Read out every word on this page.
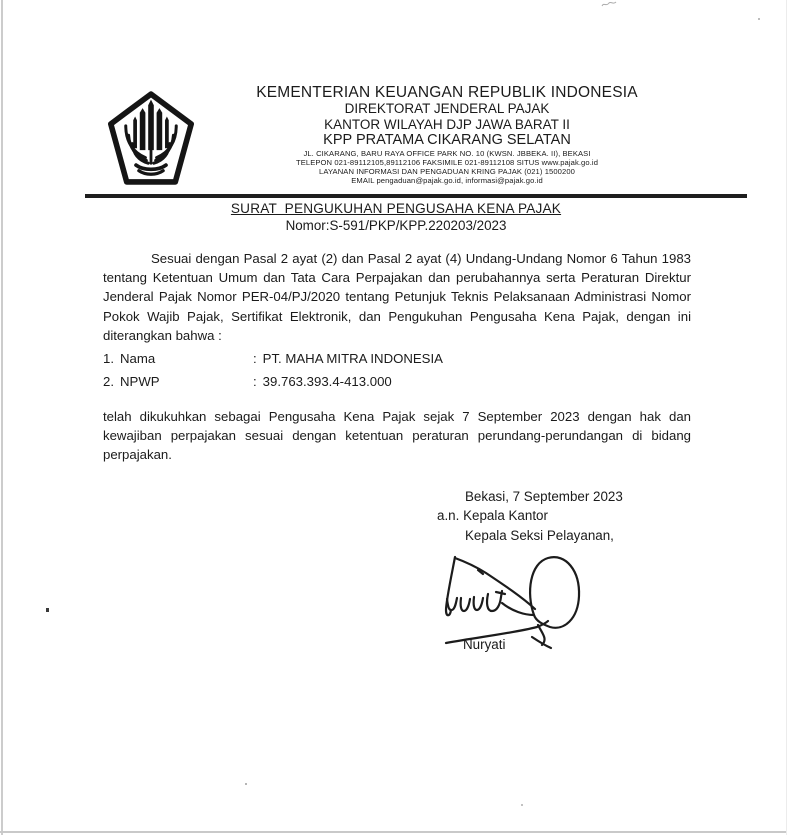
KEMENTERIAN KEUANGAN REPUBLIK INDONESIA
DIREKTORAT JENDERAL PAJAK
KANTOR WILAYAH DJP JAWA BARAT II
KPP PRATAMA CIKARANG SELATAN
JL. CIKARANG, BARU RAYA OFFICE PARK NO. 10 (KWSN. JBBEKA. II), BEKASI
TELEPON 021-89112105,89112106 FAKSIMILE 021-89112108 SITUS www.pajak.go.id
LAYANAN INFORMASI DAN PENGADUAN KRING PAJAK (021) 1500200
EMAIL pengaduan@pajak.go.id, informasi@pajak.go.id
SURAT  PENGUKUHAN PENGUSAHA KENA PAJAK
Nomor:S-591/PKP/KPP.220203/2023

Sesuai dengan Pasal 2 ayat (2) dan Pasal 2 ayat (4) Undang-Undang Nomor 6 Tahun 1983 tentang Ketentuan Umum dan Tata Cara Perpajakan dan perubahannya serta Peraturan Direktur Jenderal Pajak Nomor PER-04/PJ/2020 tentang Petunjuk Teknis Pelaksanaan Administrasi Nomor Pokok Wajib Pajak, Sertifikat Elektronik, dan Pengukuhan Pengusaha Kena Pajak, dengan ini diterangkan bahwa :

1. Nama	: PT. MAHA MITRA INDONESIA
2. NPWP	: 39.763.393.4-413.000

telah dikukuhkan sebagai Pengusaha Kena Pajak sejak 7 September 2023 dengan hak dan kewajiban perpajakan sesuai dengan ketentuan peraturan perundang-perundangan di bidang perpajakan.

Bekasi, 7 September 2023
a.n. Kepala Kantor
Kepala Seksi Pelayanan,
Nuryati
